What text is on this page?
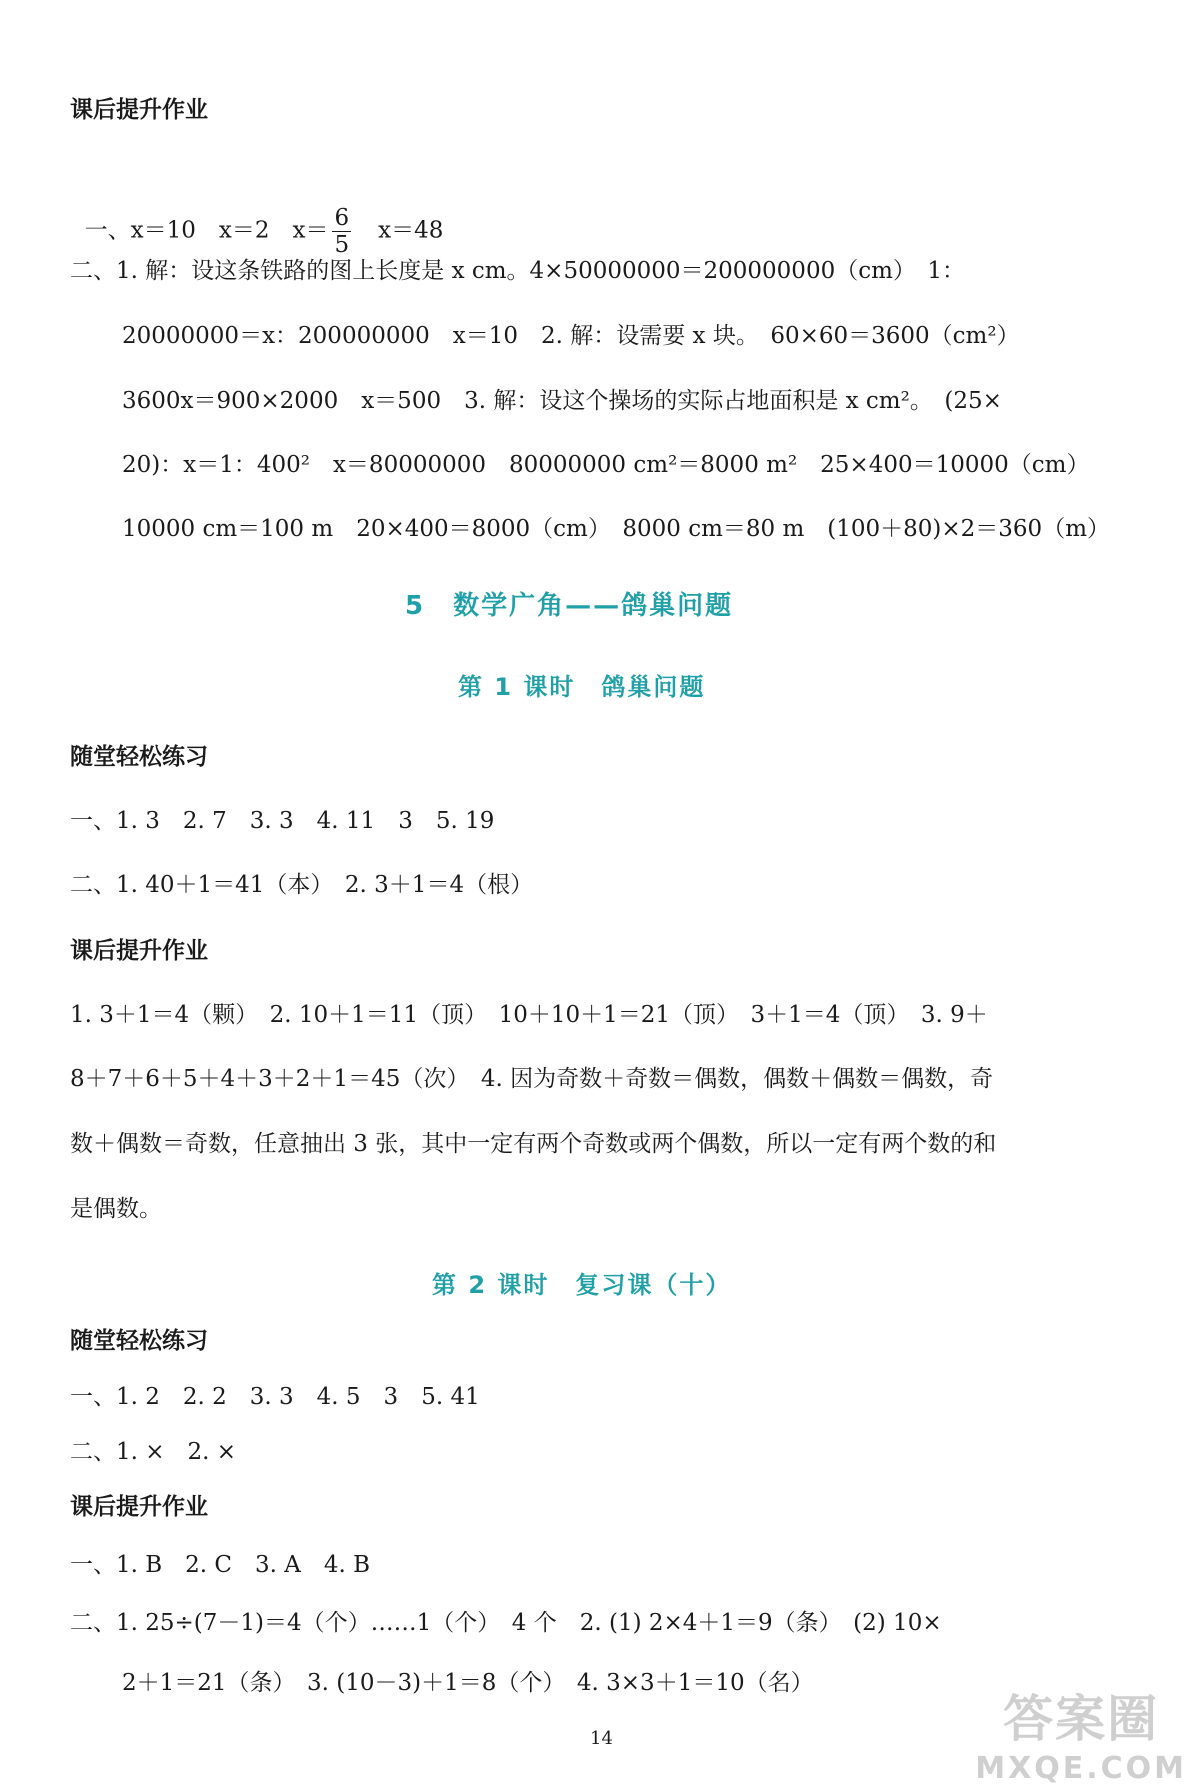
课后提升作业

一、x＝10　x＝2　$x= \frac{6}{5}$ 　x＝48

二、1. 解：设这条铁路的图上长度是 x cm。4×50000000＝200000000（cm）　1：
20000000＝x：200000000　x＝10　2. 解：设需要 x 块。　60×60＝3600（cm²）
3600x＝900×2000　x＝500　3. 解：设这个操场的实际占地面积是 x cm²。　(25×
20)：x＝1：400²　x＝80000000　80000000 cm²＝8000 m²　25×400＝10000（cm）
10000 cm＝100 m　20×400＝8000（cm）　8000 cm＝80 m　(100＋80)×2＝360（m）
5　数学广角——鸽巢问题
第 1 课时　鸽巢问题
随堂轻松练习
一、1. 3　2. 7　3. 3　4. 11　3　5. 19
二、1. 40＋1＝41（本）　2. 3＋1＝4（根）
课后提升作业
1. 3＋1＝4（颗）　2. 10＋1＝11（顶）　10＋10＋1＝21（顶）　3＋1＝4（顶）　3. 9＋
8＋7＋6＋5＋4＋3＋2＋1＝45（次）　4. 因为奇数＋奇数＝偶数，偶数＋偶数＝偶数，奇
数＋偶数＝奇数，任意抽出 3 张，其中一定有两个奇数或两个偶数，所以一定有两个数的和
是偶数。
第 2 课时　复习课（十）
随堂轻松练习
一、1. 2　2. 2　3. 3　4. 5　3　5. 41
二、1. ×　2. ×
课后提升作业
一、1. B　2. C　3. A　4. B
二、1. 25÷(7－1)＝4（个）……1（个）　4 个　2. (1) 2×4＋1＝9（条）　(2) 10×
2＋1＝21（条）　3. (10－3)＋1＝8（个）　4. 3×3＋1＝10（名）
14	答案圈
MXQE.COM
